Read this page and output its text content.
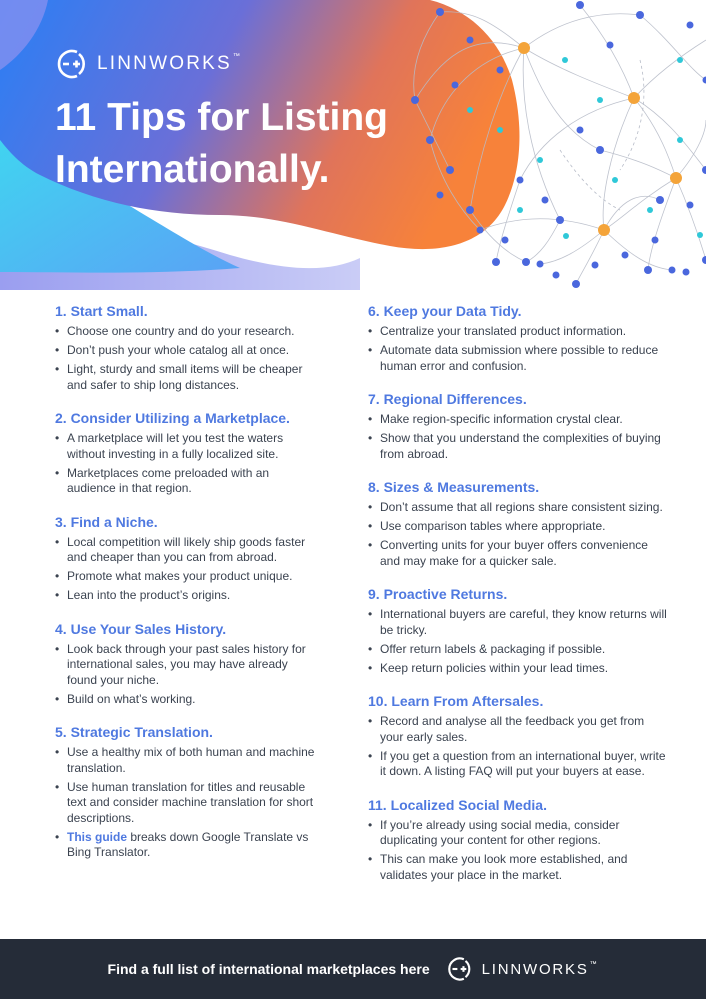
LINNWORKS™
11 Tips for Listing
Internationally.
1. Start Small.
• Choose one country and do your research.
• Don’t push your whole catalog all at once.
• Light, sturdy and small items will be cheaper and safer to ship long distances.
2. Consider Utilizing a Marketplace.
• A marketplace will let you test the waters without investing in a fully localized site.
• Marketplaces come preloaded with an audience in that region.
3. Find a Niche.
• Local competition will likely ship goods faster and cheaper than you can from abroad.
• Promote what makes your product unique.
• Lean into the product’s origins.
4. Use Your Sales History.
• Look back through your past sales history for international sales, you may have already found your niche.
• Build on what’s working.
5. Strategic Translation.
• Use a healthy mix of both human and machine translation.
• Use human translation for titles and reusable text and consider machine translation for short descriptions.
• This guide breaks down Google Translate vs Bing Translator.
6. Keep your Data Tidy.
• Centralize your translated product information.
• Automate data submission where possible to reduce human error and confusion.
7. Regional Differences.
• Make region-specific information crystal clear.
• Show that you understand the complexities of buying from abroad.
8. Sizes & Measurements.
• Don’t assume that all regions share consistent sizing.
• Use comparison tables where appropriate.
• Converting units for your buyer offers convenience and may make for a quicker sale.
9. Proactive Returns.
• International buyers are careful, they know returns will be tricky.
• Offer return labels & packaging if possible.
• Keep return policies within your lead times.
10. Learn From Aftersales.
• Record and analyse all the feedback you get from your early sales.
• If you get a question from an international buyer, write it down. A listing FAQ will put your buyers at ease.
11. Localized Social Media.
• If you’re already using social media, consider duplicating your content for other regions.
• This can make you look more established, and validates your place in the market.
Find a full list of international marketplaces here	LINNWORKS™
